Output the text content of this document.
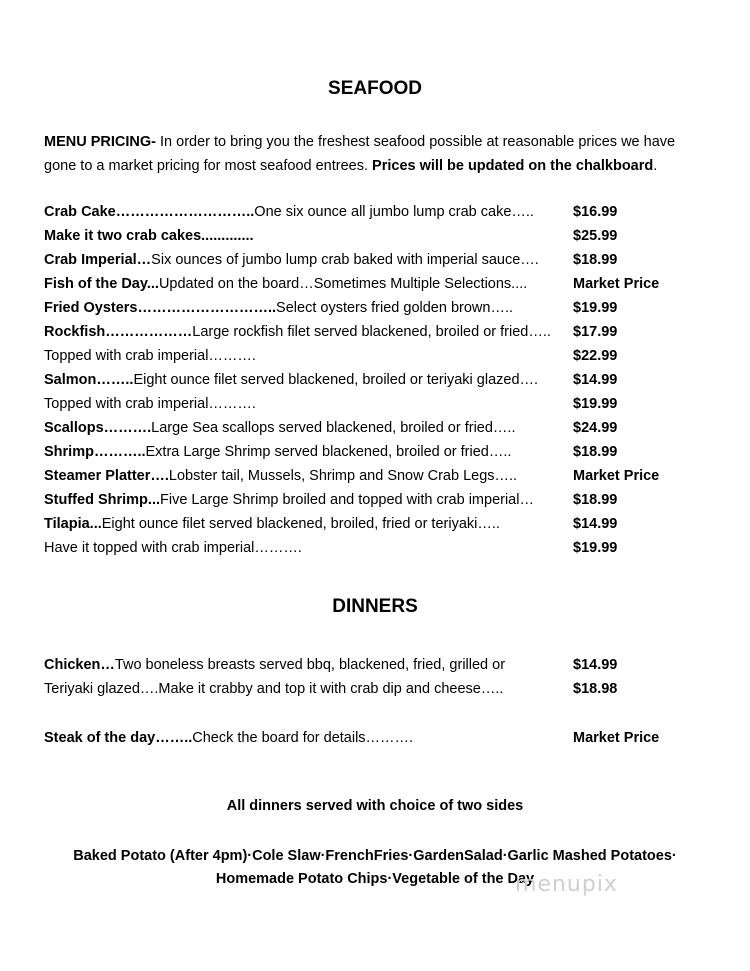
SEAFOOD
MENU PRICING- In order to bring you the freshest seafood possible at reasonable prices we have gone to a market pricing for most seafood entrees. Prices will be updated on the chalkboard.
Crab Cake………………………..One six ounce all jumbo lump crab cake…..	$16.99
Make it two crab cakes.............	$25.99
Crab Imperial…Six ounces of jumbo lump crab baked with imperial sauce….	$18.99
Fish of the Day...Updated on the board…Sometimes Multiple Selections....	Market Price
Fried Oysters………………………..Select oysters fried golden brown…..	$19.99
Rockfish………………Large rockfish filet served blackened, broiled or fried…..	$17.99
Topped with crab imperial……….	$22.99
Salmon……..Eight ounce filet served blackened, broiled or teriyaki glazed….	$14.99
Topped with crab imperial……….	$19.99
Scallops……….Large Sea scallops served blackened, broiled or fried…..	$24.99
Shrimp………..Extra Large Shrimp served blackened, broiled or fried…..	$18.99
Steamer Platter….Lobster tail, Mussels, Shrimp and Snow Crab Legs…..	Market Price
Stuffed Shrimp...Five Large Shrimp broiled and topped with crab imperial…	$18.99
Tilapia...Eight ounce filet served blackened, broiled, fried or teriyaki…..	$14.99
Have it topped with crab imperial……….	$19.99
DINNERS
Chicken…Two boneless breasts served bbq, blackened, fried, grilled or	$14.99
Teriyaki glazed….Make it crabby and top it with crab dip and cheese…..	$18.98
Steak of the day……..Check the board for details……….	Market Price
All dinners served with choice of two sides
Baked Potato (After 4pm)·Cole Slaw·FrenchFries·GardenSalad·Garlic Mashed Potatoes·
Homemade Potato Chips·Vegetable of the Day
menupix
